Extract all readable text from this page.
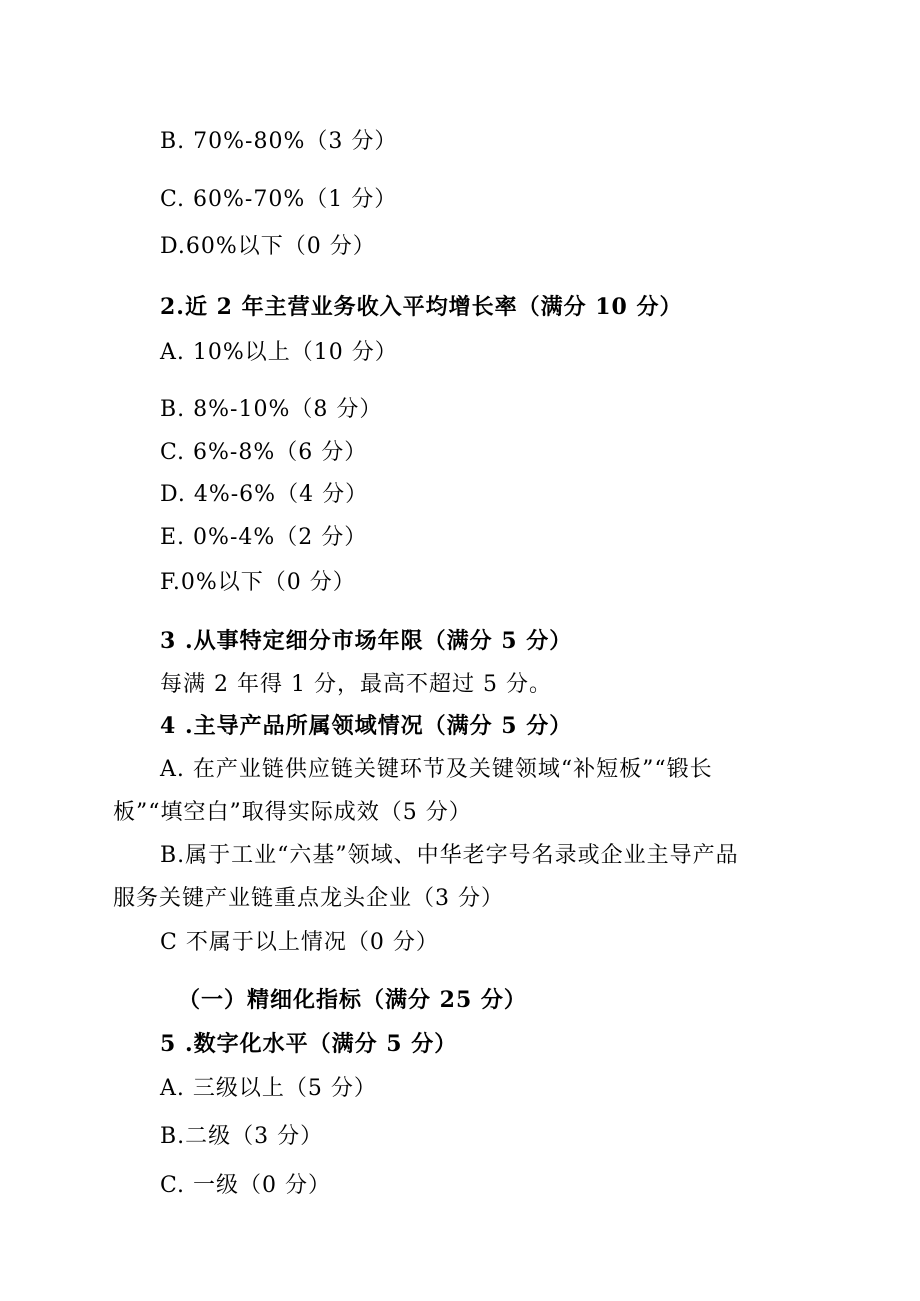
B. 70%-80%（3 分）
C. 60%-70%（1 分）
D.60%以下（0 分）
2.近 2 年主营业务收入平均增长率（满分 10 分）
A. 10%以上（10 分）
B. 8%-10%（8 分）
C. 6%-8%（6 分）
D. 4%-6%（4 分）
E. 0%-4%（2 分）
F.0%以下（0 分）
3 .从事特定细分市场年限（满分 5 分）
每满 2 年得 1 分，最高不超过 5 分。
4 .主导产品所属领域情况（满分 5 分）
A. 在产业链供应链关键环节及关键领域“补短板”“锻长
板”“填空白”取得实际成效（5 分）
B.属于工业“六基”领域、中华老字号名录或企业主导产品
服务关键产业链重点龙头企业（3 分）
C 不属于以上情况（0 分）
（一）精细化指标（满分 25 分）
5 .数字化水平（满分 5 分）
A. 三级以上（5 分）
B.二级（3 分）
C. 一级（0 分）
